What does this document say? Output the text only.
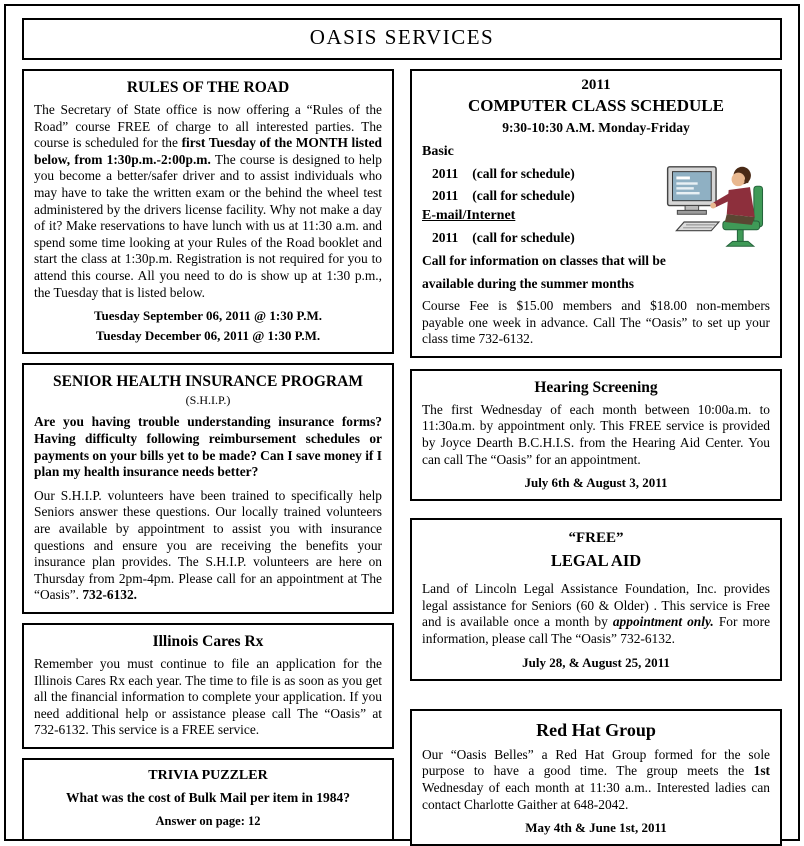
OASIS SERVICES
RULES OF THE ROAD
The Secretary of State office is now offering a “Rules of the Road” course FREE of charge to all interested parties. The course is scheduled for the first Tuesday of the MONTH listed below, from 1:30p.m.-2:00p.m. The course is designed to help you become a better/safer driver and to assist individuals who may have to take the written exam or the behind the wheel test administered by the drivers license facility. Why not make a day of it? Make reservations to have lunch with us at 11:30 a.m. and spend some time looking at your Rules of the Road booklet and start the class at 1:30p.m. Registration is not required for you to attend this course. All you need to do is show up at 1:30 p.m., the Tuesday that is listed below.
Tuesday September 06, 2011 @ 1:30 P.M.
Tuesday December 06, 2011 @ 1:30 P.M.
SENIOR HEALTH INSURANCE PROGRAM
(S.H.I.P.)
Are you having trouble understanding insurance forms? Having difficulty following reimbursement schedules or payments on your bills yet to be made? Can I save money if I plan my health insurance needs better?
Our S.H.I.P. volunteers have been trained to specifically help Seniors answer these questions. Our locally trained volunteers are available by appointment to assist you with insurance questions and ensure you are receiving the benefits your insurance plan provides. The S.H.I.P. volunteers are here on Thursday from 2pm-4pm. Please call for an appointment at The “Oasis”. 732-6132.
Illinois Cares Rx
Remember you must continue to file an application for the Illinois Cares Rx each year. The time to file is as soon as you get all the financial information to complete your application. If you need additional help or assistance please call The “Oasis” at 732-6132. This service is a FREE service.
TRIVIA PUZZLER
What was the cost of Bulk Mail per item in 1984?
Answer on page: 12
2011
COMPUTER CLASS SCHEDULE
9:30-10:30 A.M. Monday-Friday
Basic
2011 (call for schedule)
2011 (call for schedule)
E-mail/Internet
2011 (call for schedule)
Call for information on classes that will be
available during the summer months
Course Fee is $15.00 members and $18.00 non-members payable one week in advance. Call The “Oasis” to set up your class time 732-6132.
Hearing Screening
The first Wednesday of each month between 10:00a.m. to 11:30a.m. by appointment only. This FREE service is provided by Joyce Dearth B.C.H.I.S. from the Hearing Aid Center. You can call The “Oasis” for an appointment.
July 6th & August 3, 2011
“FREE”
LEGAL AID
Land of Lincoln Legal Assistance Foundation, Inc. provides legal assistance for Seniors (60 & Older) . This service is Free and is available once a month by appointment only. For more information, please call The “Oasis” 732-6132.
July 28, & August 25, 2011
Red Hat Group
Our “Oasis Belles” a Red Hat Group formed for the sole purpose to have a good time. The group meets the 1st Wednesday of each month at 11:30 a.m.. Interested ladies can contact Charlotte Gaither at 648-2042.
May 4th & June 1st, 2011
